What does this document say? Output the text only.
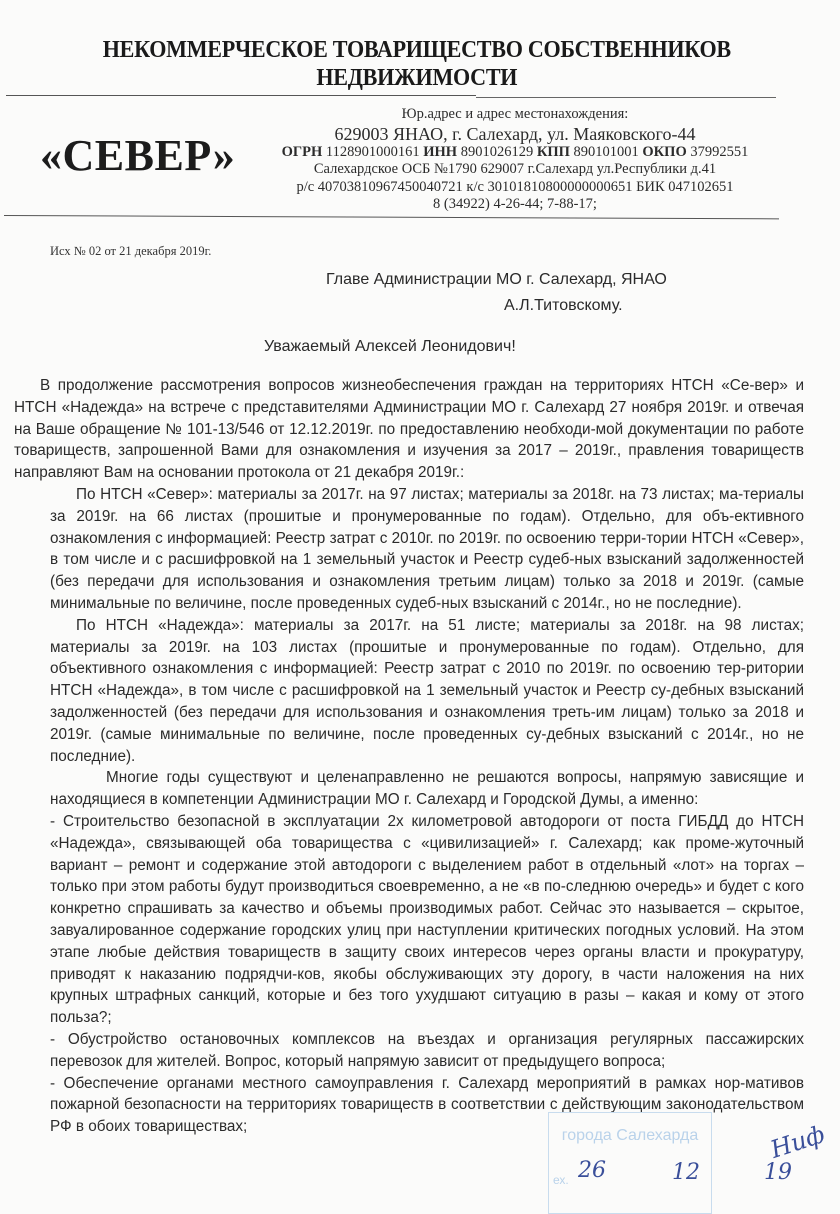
НЕКОММЕРЧЕСКОЕ ТОВАРИЩЕСТВО СОБСТВЕННИКОВ
НЕДВИЖИМОСТИ
«СЕВЕР»
Юр.адрес и адрес местонахождения:
629003 ЯНАО, г. Салехард, ул. Маяковского-44
ОГРН 1128901000161 ИНН 8901026129 КПП 890101001 ОКПО 37992551
Салехардское ОСБ №1790 629007 г.Салехард ул.Республики д.41
р/с 40703810967450040721 к/с 30101810800000000651 БИК 047102651
8 (34922) 4-26-44; 7-88-17;
Исх № 02 от 21 декабря 2019г.
Главе Администрации МО г. Салехард, ЯНАО
А.Л.Титовскому.
Уважаемый Алексей Леонидович!

В продолжение рассмотрения вопросов жизнеобеспечения граждан на территориях НТСН «Се-вер» и НТСН «Надежда» на встрече с представителями Администрации МО г. Салехард 27 ноября 2019г. и отвечая на Ваше обращение № 101-13/546 от 12.12.2019г. по предоставлению необходи-мой документации по работе товариществ, запрошенной Вами для ознакомления и изучения за 2017 – 2019г., правления товариществ направляют Вам на основании протокола от 21 декабря 2019г.:

По НТСН «Север»: материалы за 2017г. на 97 листах; материалы за 2018г. на 73 листах; ма-териалы за 2019г. на 66 листах (прошитые и пронумерованные по годам). Отдельно, для объ-ективного ознакомления с информацией: Реестр затрат с 2010г. по 2019г. по освоению терри-тории НТСН «Север», в том числе и с расшифровкой на 1 земельный участок и Реестр судеб-ных взысканий задолженностей (без передачи для использования и ознакомления третьим лицам) только за 2018 и 2019г. (самые минимальные по величине, после проведенных судеб-ных взысканий с 2014г., но не последние).

По НТСН «Надежда»: материалы за 2017г. на 51 листе; материалы за 2018г. на 98 листах; материалы за 2019г. на 103 листах (прошитые и пронумерованные по годам). Отдельно, для объективного ознакомления с информацией: Реестр затрат с 2010 по 2019г. по освоению тер-ритории НТСН «Надежда», в том числе с расшифровкой на 1 земельный участок и Реестр су-дебных взысканий задолженностей (без передачи для использования и ознакомления треть-им лицам) только за 2018 и 2019г. (самые минимальные по величине, после проведенных су-дебных взысканий с 2014г., но не последние).

Многие годы существуют и целенаправленно не решаются вопросы, напрямую зависящие и находящиеся в компетенции Администрации МО г. Салехард и Городской Думы, а именно:

- Строительство безопасной в эксплуатации 2х километровой автодороги от поста ГИБДД до НТСН «Надежда», связывающей оба товарищества с «цивилизацией» г. Салехард; как проме-жуточный вариант – ремонт и содержание этой автодороги с выделением работ в отдельный «лот» на торгах – только при этом работы будут производиться своевременно, а не «в по-следнюю очередь» и будет с кого конкретно спрашивать за качество и объемы производимых работ. Сейчас это называется – скрытое, завуалированное содержание городских улиц при наступлении критических погодных условий. На этом этапе любые действия товариществ в защиту своих интересов через органы власти и прокуратуру, приводят к наказанию подрядчи-ков, якобы обслуживающих эту дорогу, в части наложения на них крупных штрафных санкций, которые и без того ухудшают ситуацию в разы – какая и кому от этого польза?;

- Обустройство остановочных комплексов на въездах и организация регулярных пассажирских перевозок для жителей. Вопрос, который напрямую зависит от предыдущего вопроса;

- Обеспечение органами местного самоуправления г. Салехард мероприятий в рамках нор-мативов пожарной безопасности на территориях товариществ в соответствии с действующим законодательством РФ в обоих товариществах;

города Салехарда
ех. 26	12	19
Ниф
